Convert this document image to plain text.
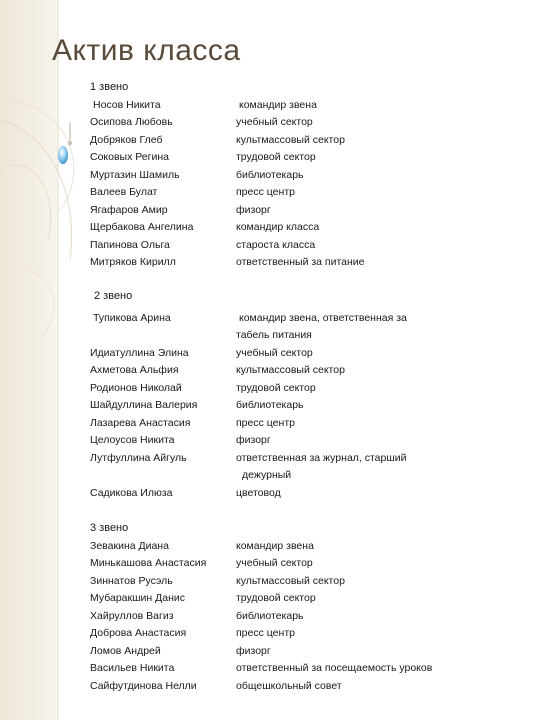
Актив класса
1 звено
Носов Никита	командир звена
Осипова Любовь	учебный сектор
Добряков Глеб	культмассовый сектор
Соковых Регина	трудовой сектор
Муртазин Шамиль	библиотекарь
Валеев Булат	пресс центр
Ягафаров Амир	физорг
Щербакова Ангелина	командир класса
Папинова Ольга	староста класса
Митряков Кирилл	ответственный за питание
2 звено
Тупикова Арина	командир звена, ответственная за
табель питания
Идиатуллина Элина	учебный сектор
Ахметова Альфия	культмассовый сектор
Родионов Николай	трудовой сектор
Шайдуллина Валерия	библиотекарь
Лазарева Анастасия	пресс центр
Целоусов Никита	физорг
Лутфуллина Айгуль	ответственная за журнал, старший
дежурный
Садикова Илюза	цветовод
3 звено
Зевакина Диана	командир звена
Минькашова Анастасия	учебный сектор
Зиннатов Русэль	культмассовый сектор
Мубаракшин Данис	трудовой сектор
Хайруллов Вагиз	библиотекарь
Доброва Анастасия	пресс центр
Ломов Андрей	физорг
Васильев Никита	ответственный за посещаемость уроков
Сайфутдинова Нелли	общешкольный совет
